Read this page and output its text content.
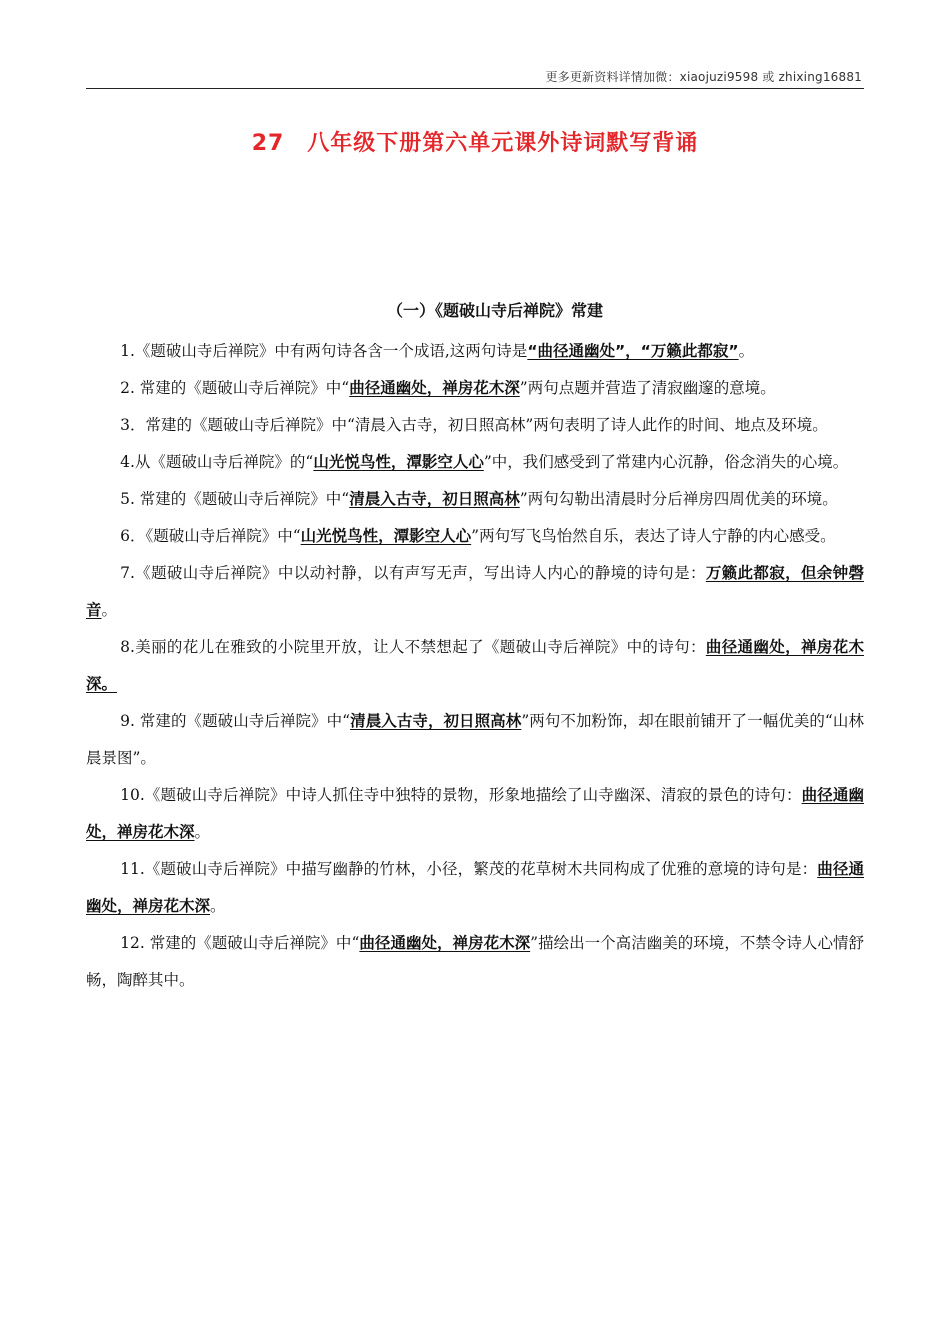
更多更新资料详情加微：xiaojuzi9598 或 zhixing16881
27　八年级下册第六单元课外诗词默写背诵
（一）《题破山寺后禅院》常建

1.《题破山寺后禅院》中有两句诗各含一个成语,这两句诗是“曲径通幽处”，“万籁此都寂”。

2. 常建的《题破山寺后禅院》中“曲径通幽处，禅房花木深”两句点题并营造了清寂幽邃的意境。

3．常建的《题破山寺后禅院》中“清晨入古寺，初日照高林”两句表明了诗人此作的时间、地点及环境。

4.从《题破山寺后禅院》的“山光悦鸟性，潭影空人心”中，我们感受到了常建内心沉静，俗念消失的心境。

5. 常建的《题破山寺后禅院》中“清晨入古寺，初日照高林”两句勾勒出清晨时分后禅房四周优美的环境。

6．《题破山寺后禅院》中“山光悦鸟性，潭影空人心”两句写飞鸟怡然自乐，表达了诗人宁静的内心感受。

7.《题破山寺后禅院》中以动衬静，以有声写无声，写出诗人内心的静境的诗句是：万籁此都寂，但余钟磬音。

8.美丽的花儿在雅致的小院里开放，让人不禁想起了《题破山寺后禅院》中的诗句：曲径通幽处，禅房花木深。

9. 常建的《题破山寺后禅院》中“清晨入古寺，初日照高林”两句不加粉饰，却在眼前铺开了一幅优美的“山林晨景图”。

10.《题破山寺后禅院》中诗人抓住寺中独特的景物，形象地描绘了山寺幽深、清寂的景色的诗句：曲径通幽处，禅房花木深。

11.《题破山寺后禅院》中描写幽静的竹林，小径，繁茂的花草树木共同构成了优雅的意境的诗句是：曲径通幽处，禅房花木深。

12. 常建的《题破山寺后禅院》中“曲径通幽处，禅房花木深”描绘出一个高洁幽美的环境，不禁令诗人心情舒畅，陶醉其中。
